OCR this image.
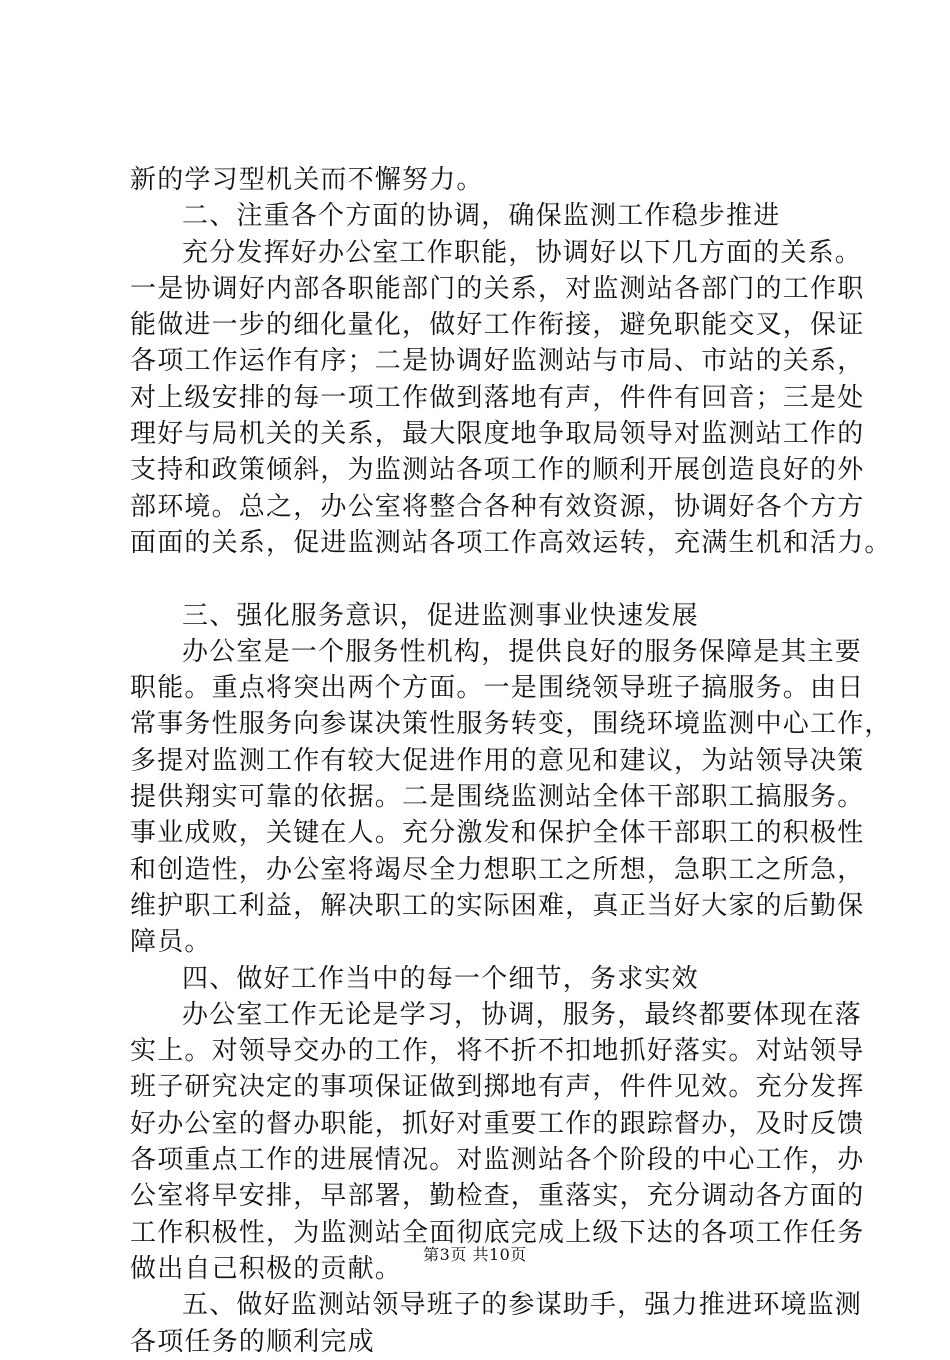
新的学习型机关而不懈努力。
二、注重各个方面的协调，确保监测工作稳步推进
充分发挥好办公室工作职能，协调好以下几方面的关系。
一是协调好内部各职能部门的关系，对监测站各部门的工作职
能做进一步的细化量化，做好工作衔接，避免职能交叉，保证
各项工作运作有序；二是协调好监测站与市局、市站的关系，
对上级安排的每一项工作做到落地有声，件件有回音；三是处
理好与局机关的关系，最大限度地争取局领导对监测站工作的
支持和政策倾斜，为监测站各项工作的顺利开展创造良好的外
部环境。总之，办公室将整合各种有效资源，协调好各个方方
面面的关系，促进监测站各项工作高效运转，充满生机和活力。
三、强化服务意识，促进监测事业快速发展
办公室是一个服务性机构，提供良好的服务保障是其主要
职能。重点将突出两个方面。一是围绕领导班子搞服务。由日
常事务性服务向参谋决策性服务转变，围绕环境监测中心工作，
多提对监测工作有较大促进作用的意见和建议，为站领导决策
提供翔实可靠的依据。二是围绕监测站全体干部职工搞服务。
事业成败，关键在人。充分激发和保护全体干部职工的积极性
和创造性，办公室将竭尽全力想职工之所想，急职工之所急，
维护职工利益，解决职工的实际困难，真正当好大家的后勤保
障员。
四、做好工作当中的每一个细节，务求实效
办公室工作无论是学习，协调，服务，最终都要体现在落
实上。对领导交办的工作，将不折不扣地抓好落实。对站领导
班子研究决定的事项保证做到掷地有声，件件见效。充分发挥
好办公室的督办职能，抓好对重要工作的跟踪督办，及时反馈
各项重点工作的进展情况。对监测站各个阶段的中心工作，办
公室将早安排，早部署，勤检查，重落实，充分调动各方面的
工作积极性，为监测站全面彻底完成上级下达的各项工作任务
做出自己积极的贡献。
五、做好监测站领导班子的参谋助手，强力推进环境监测
各项任务的顺利完成
第3页 共10页
